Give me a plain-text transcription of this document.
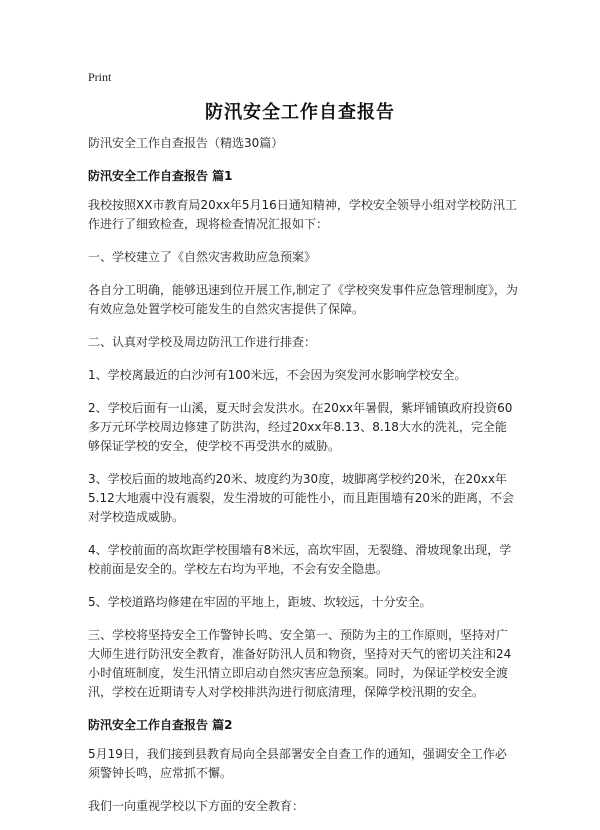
Print
防汛安全工作自查报告

防汛安全工作自查报告（精选30篇）

防汛安全工作自查报告 篇1

我校按照XX市教育局20xx年5月16日通知精神，学校安全领导小组对学校防汛工作进行了细致检查，现将检查情况汇报如下：

一、学校建立了《自然灾害救助应急预案》

各自分工明确，能够迅速到位开展工作,制定了《学校突发事件应急管理制度》，为有效应急处置学校可能发生的自然灾害提供了保障。

二、认真对学校及周边防汛工作进行排查：

1、学校离最近的白沙河有100米远，不会因为突发河水影响学校安全。

2、学校后面有一山溪，夏天时会发洪水。在20xx年暑假，紫坪铺镇政府投资60多万元环学校周边修建了防洪沟，经过20xx年8.13、8.18大水的洗礼，完全能够保证学校的安全，使学校不再受洪水的威胁。

3、学校后面的坡地高约20米、坡度约为30度，坡脚离学校约20米，在20xx年5.12大地震中没有震裂，发生滑坡的可能性小，而且距围墙有20米的距离，不会对学校造成威胁。

4、学校前面的高坎距学校围墙有8米远，高坎牢固，无裂缝、滑坡现象出现，学校前面是安全的。学校左右均为平地，不会有安全隐患。

5、学校道路均修建在牢固的平地上，距坡、坎较远，十分安全。

三、学校将坚持安全工作警钟长鸣、安全第一、预防为主的工作原则，坚持对广大师生进行防汛安全教育，准备好防汛人员和物资，坚持对天气的密切关注和24小时值班制度，发生汛情立即启动自然灾害应急预案。同时，为保证学校安全渡汛，学校在近期请专人对学校排洪沟进行彻底清理，保障学校汛期的安全。

防汛安全工作自查报告 篇2

5月19日，我们接到县教育局向全县部署安全自查工作的通知，强调安全工作必须警钟长鸣，应常抓不懈。

我们一向重视学校以下方面的安全教育：
